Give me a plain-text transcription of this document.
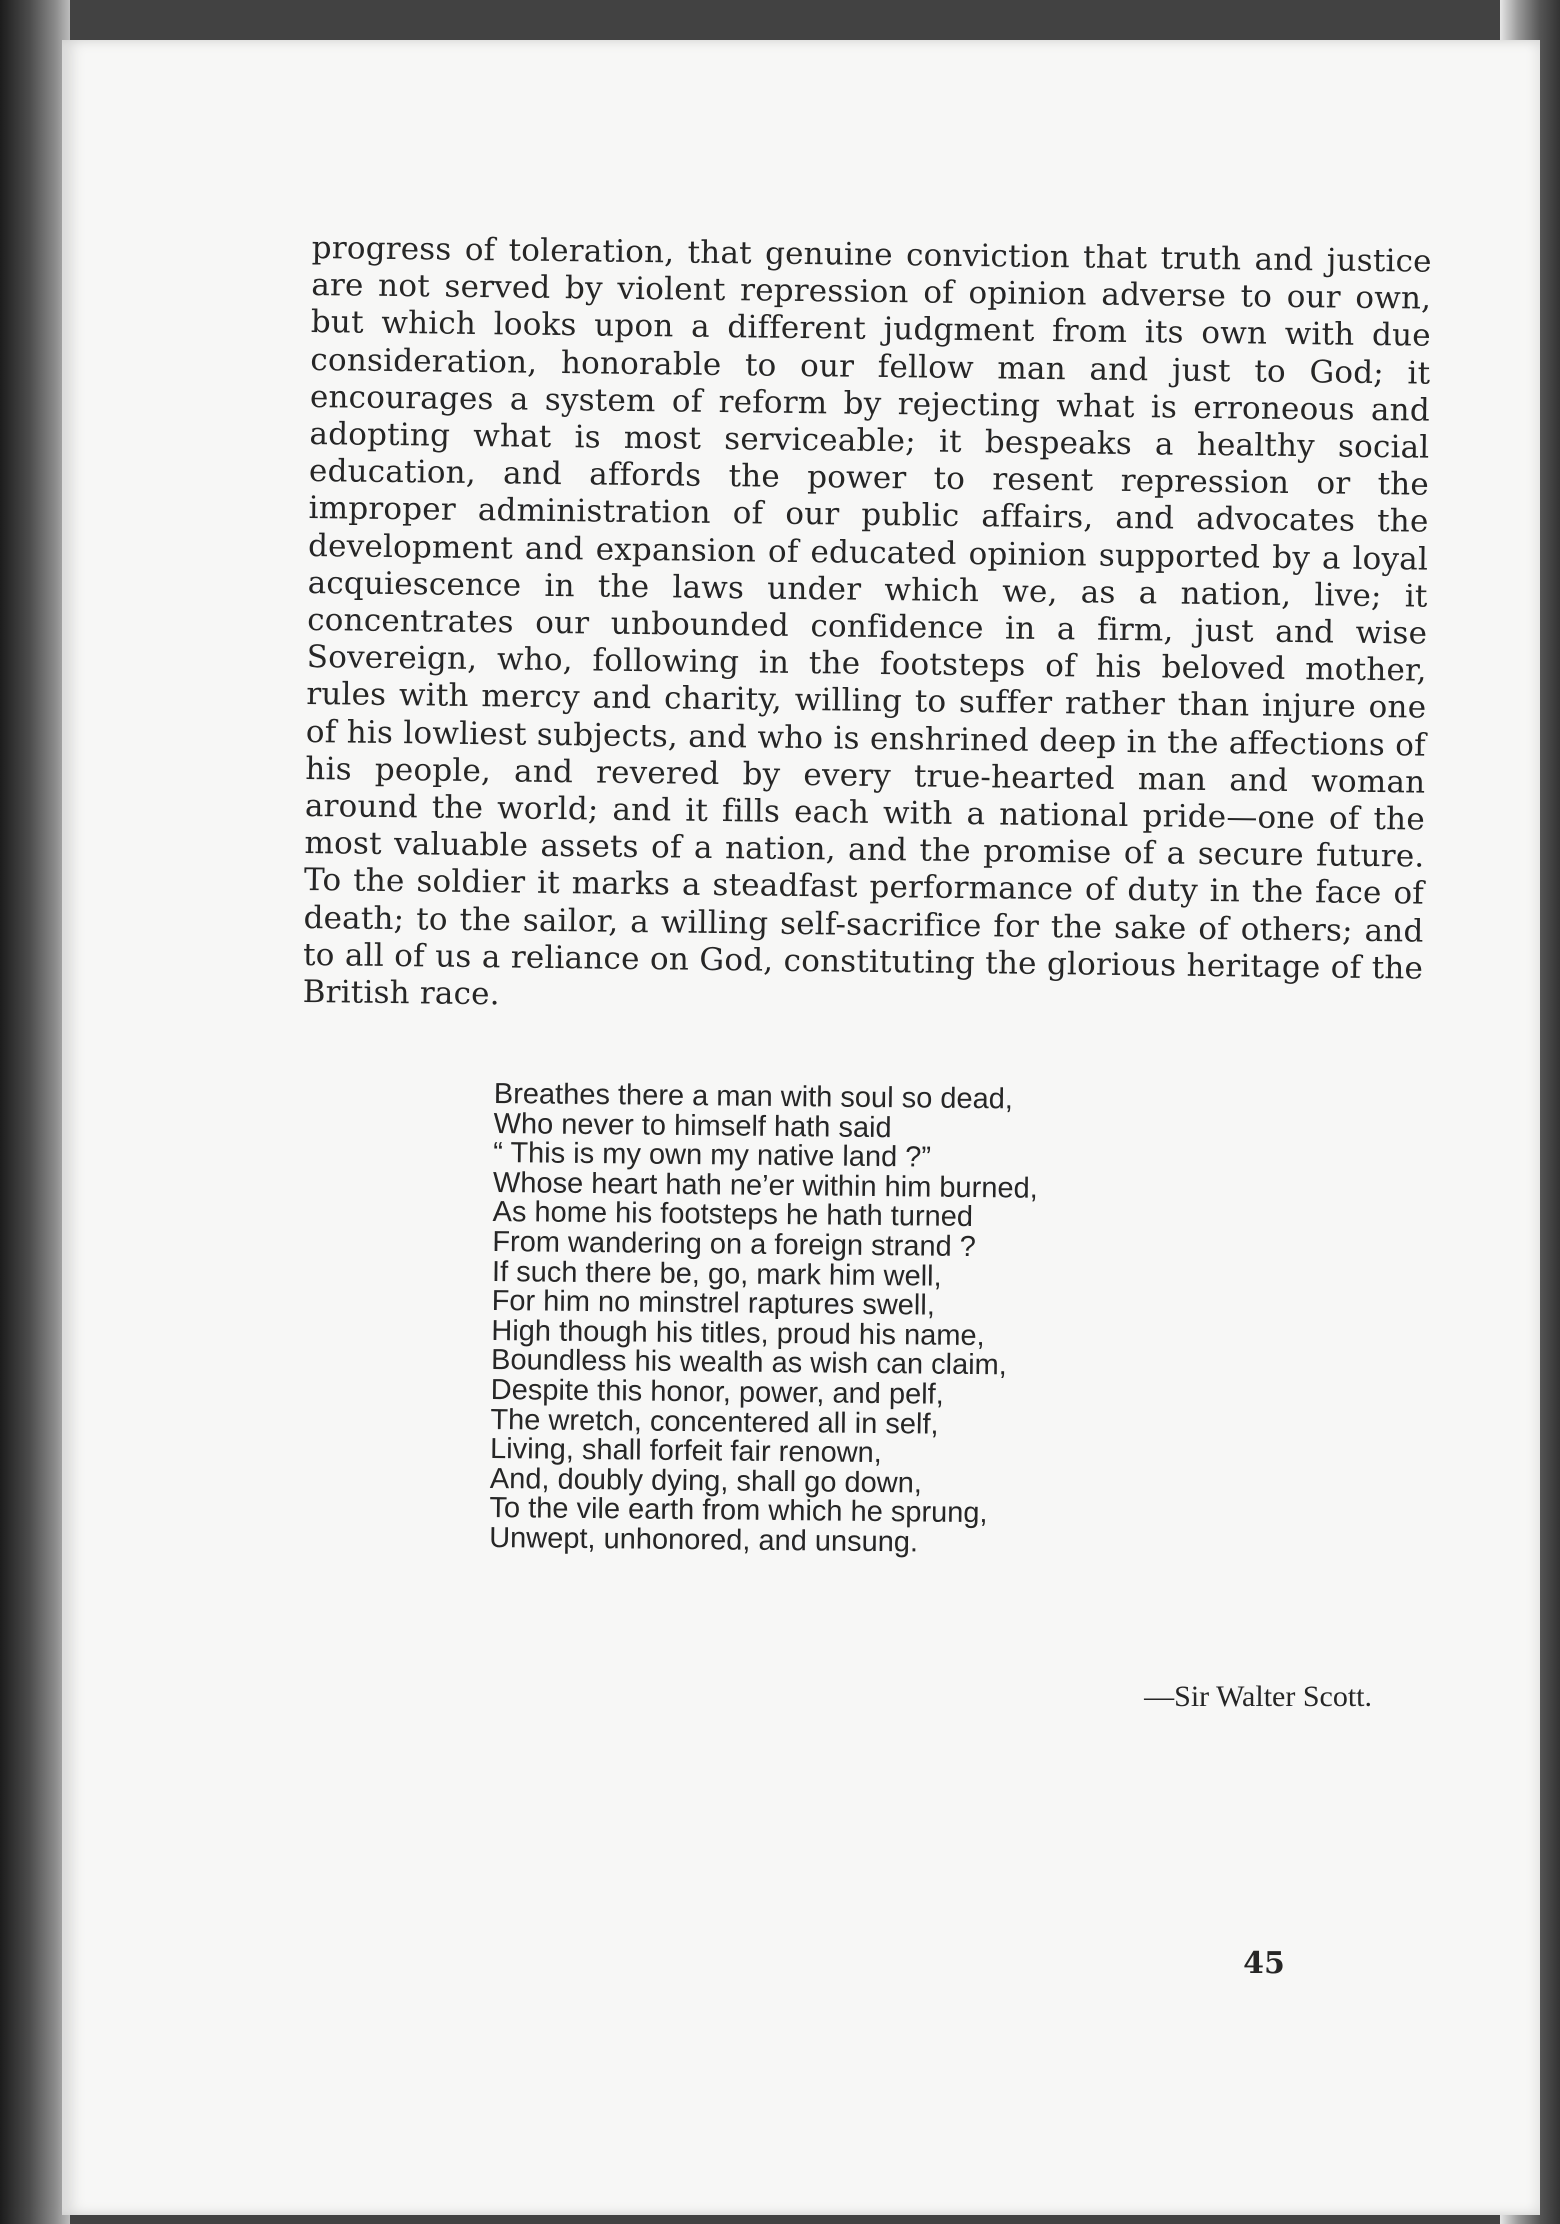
progress of toleration, that genuine conviction that truth and justice are not served by violent repression of opinion adverse to our own, but which looks upon a different judgment from its own with due consideration, honorable to our fellow man and just to God; it encourages a system of reform by rejecting what is erroneous and adopting what is most serviceable; it bespeaks a healthy social education, and affords the power to resent repression or the improper administration of our public affairs, and advocates the development and expansion of educated opinion supported by a loyal acquiescence in the laws under which we, as a nation, live; it concentrates our unbounded confidence in a firm, just and wise Sovereign, who, following in the footsteps of his beloved mother, rules with mercy and charity, willing to suffer rather than injure one of his lowliest subjects, and who is enshrined deep in the affections of his people, and revered by every true-hearted man and woman around the world; and it fills each with a national pride—one of the most valuable assets of a nation, and the promise of a secure future. To the soldier it marks a steadfast performance of duty in the face of death; to the sailor, a willing self-sacrifice for the sake of others; and to all of us a reliance on God, constituting the glorious heritage of the British race.

Breathes there a man with soul so dead,
Who never to himself hath said
“ This is my own my native land ?”
Whose heart hath ne’er within him burned,
As home his footsteps he hath turned
From wandering on a foreign strand ?
If such there be, go, mark him well,
For him no minstrel raptures swell,
High though his titles, proud his name,
Boundless his wealth as wish can claim,
Despite this honor, power, and pelf,
The wretch, concentered all in self,
Living, shall forfeit fair renown,
And, doubly dying, shall go down,
To the vile earth from which he sprung,
Unwept, unhonored, and unsung.
—Sir Walter Scott.
45
